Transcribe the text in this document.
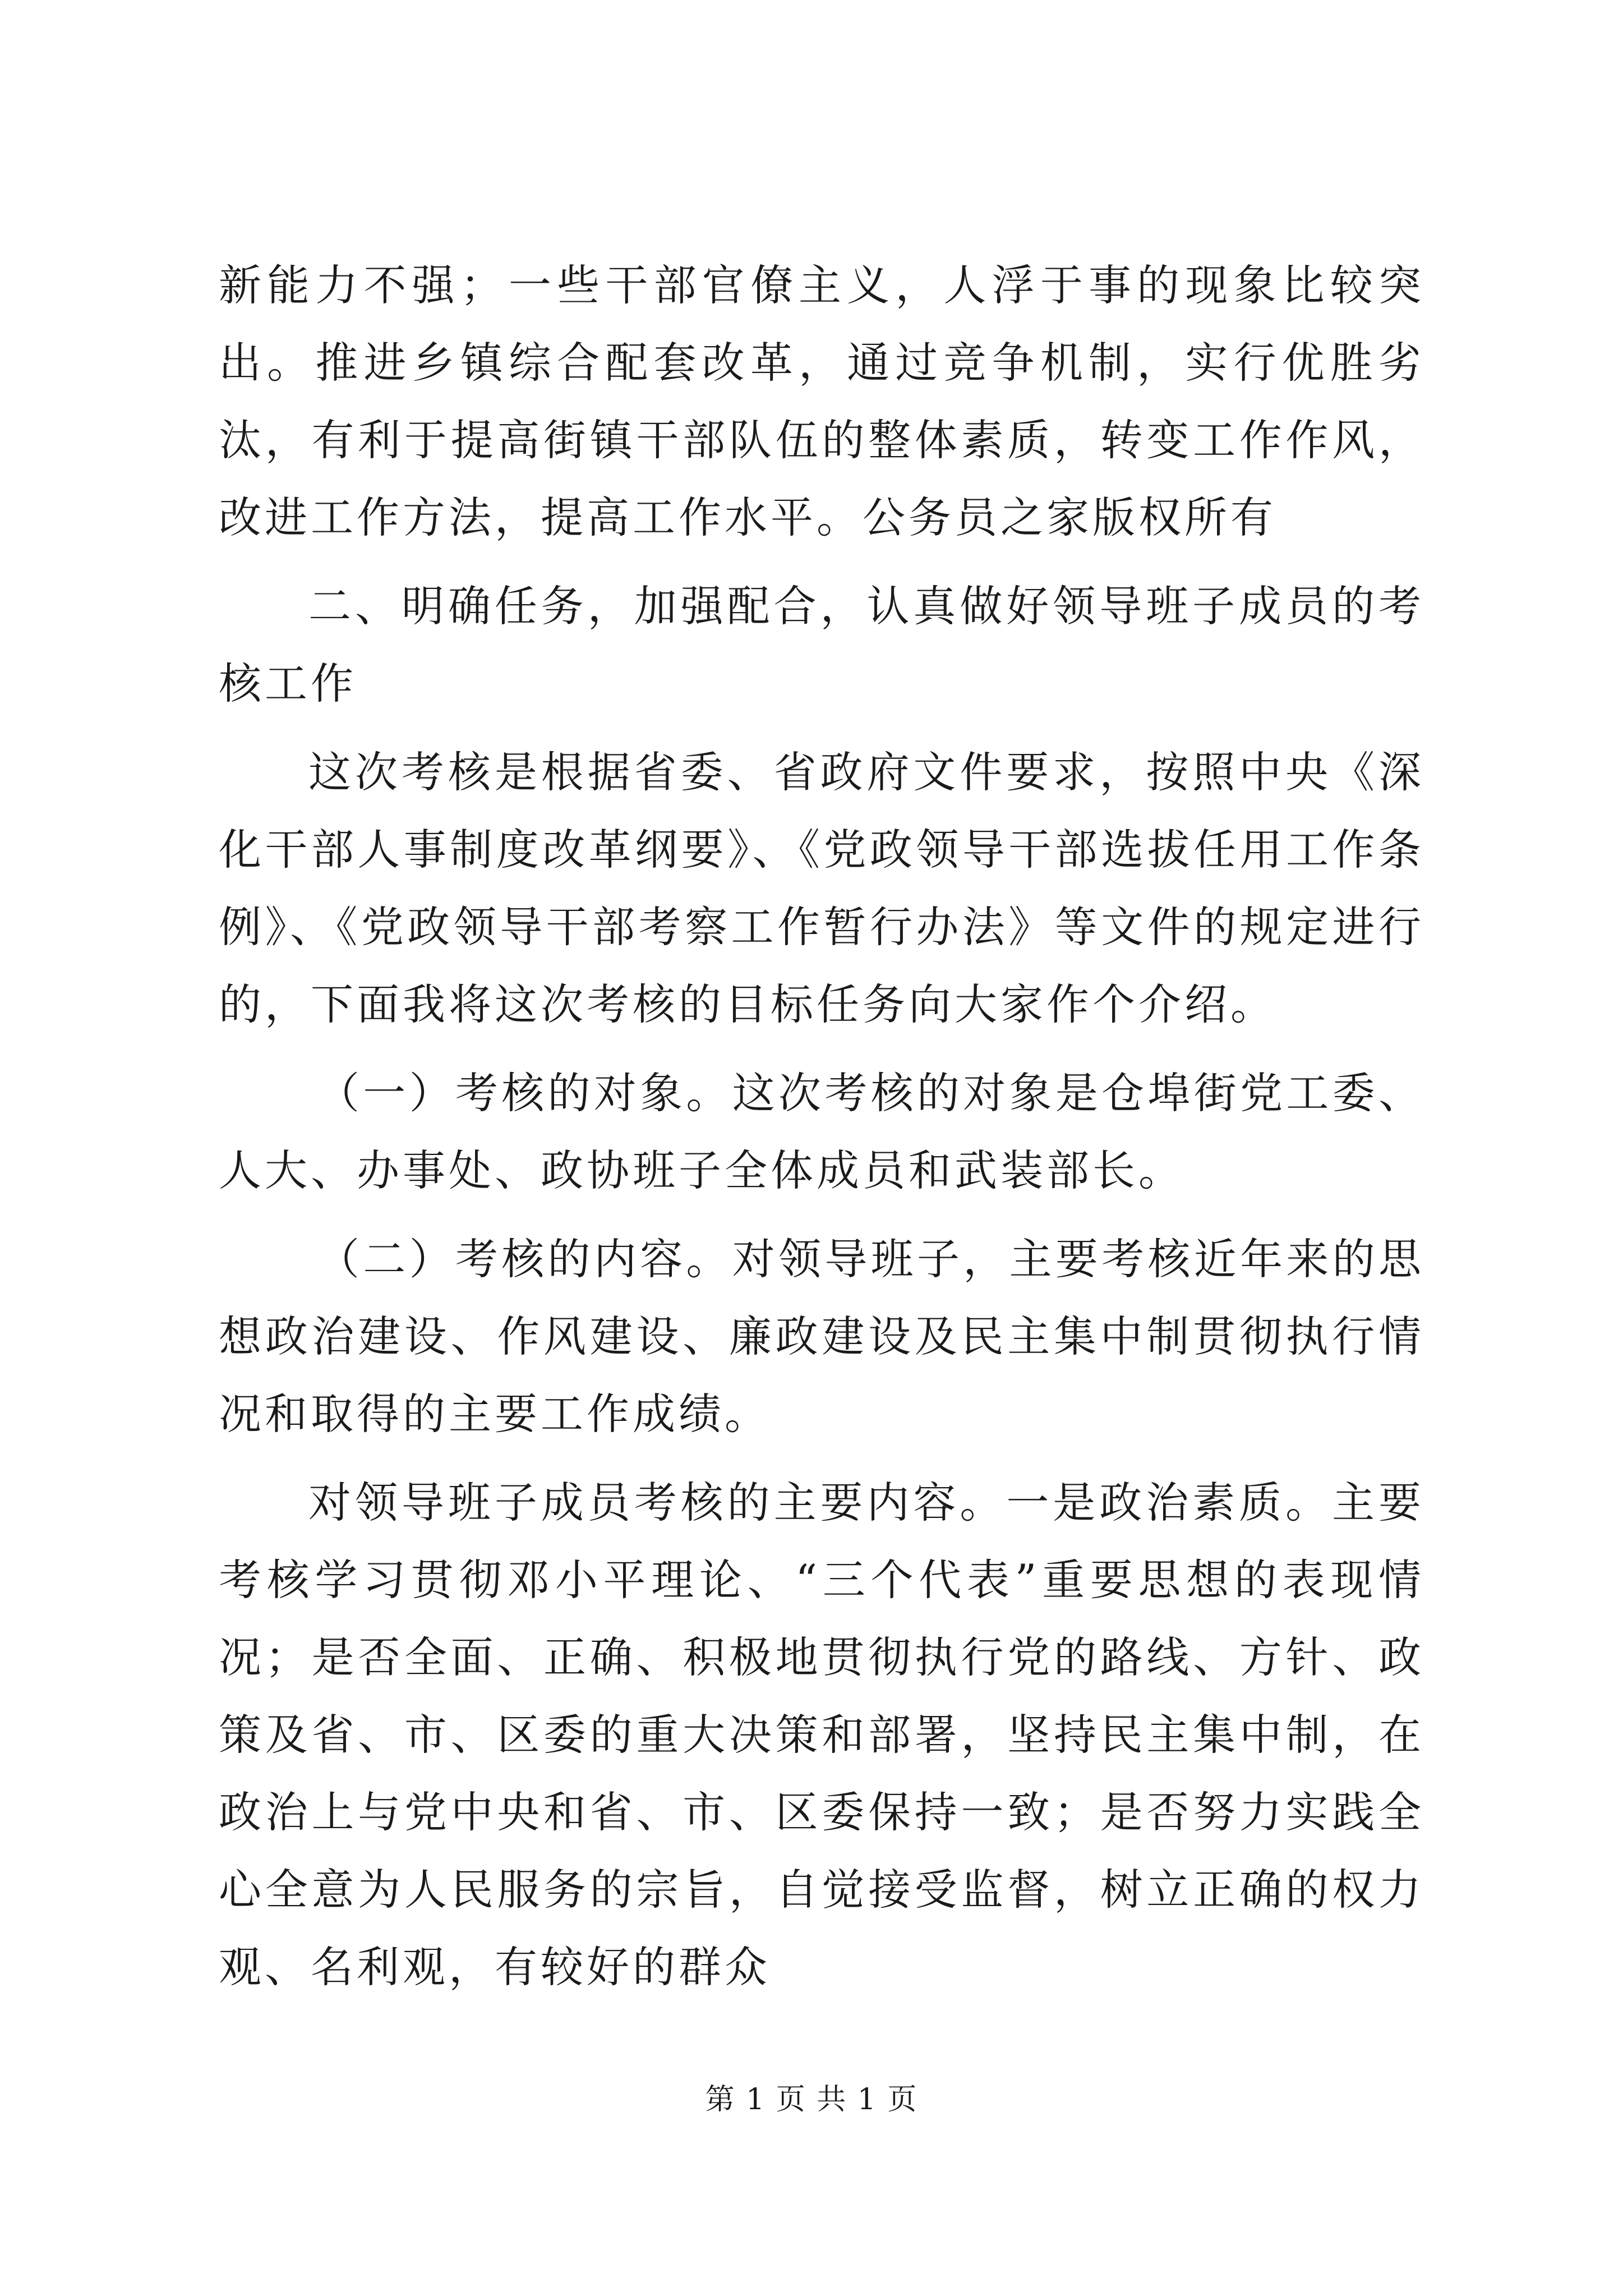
新能力不强；一些干部官僚主义，人浮于事的现象比较突出。推进乡镇综合配套改革，通过竞争机制，实行优胜劣汰，有利于提高街镇干部队伍的整体素质，转变工作作风，改进工作方法，提高工作水平。公务员之家版权所有

二、明确任务，加强配合，认真做好领导班子成员的考核工作

这次考核是根据省委、省政府文件要求，按照中央《深化干部人事制度改革纲要》、《党政领导干部选拔任用工作条例》、《党政领导干部考察工作暂行办法》等文件的规定进行的，下面我将这次考核的目标任务向大家作个介绍。

（一）考核的对象。这次考核的对象是仓埠街党工委、人大、办事处、政协班子全体成员和武装部长。

（二）考核的内容。对领导班子，主要考核近年来的思想政治建设、作风建设、廉政建设及民主集中制贯彻执行情况和取得的主要工作成绩。

对领导班子成员考核的主要内容。一是政治素质。主要考核学习贯彻邓小平理论、“三个代表”重要思想的表现情况；是否全面、正确、积极地贯彻执行党的路线、方针、政策及省、市、区委的重大决策和部署，坚持民主集中制，在政治上与党中央和省、市、区委保持一致；是否努力实践全心全意为人民服务的宗旨，自觉接受监督，树立正确的权力观、名利观，有较好的群众

第 1 页 共 1 页
